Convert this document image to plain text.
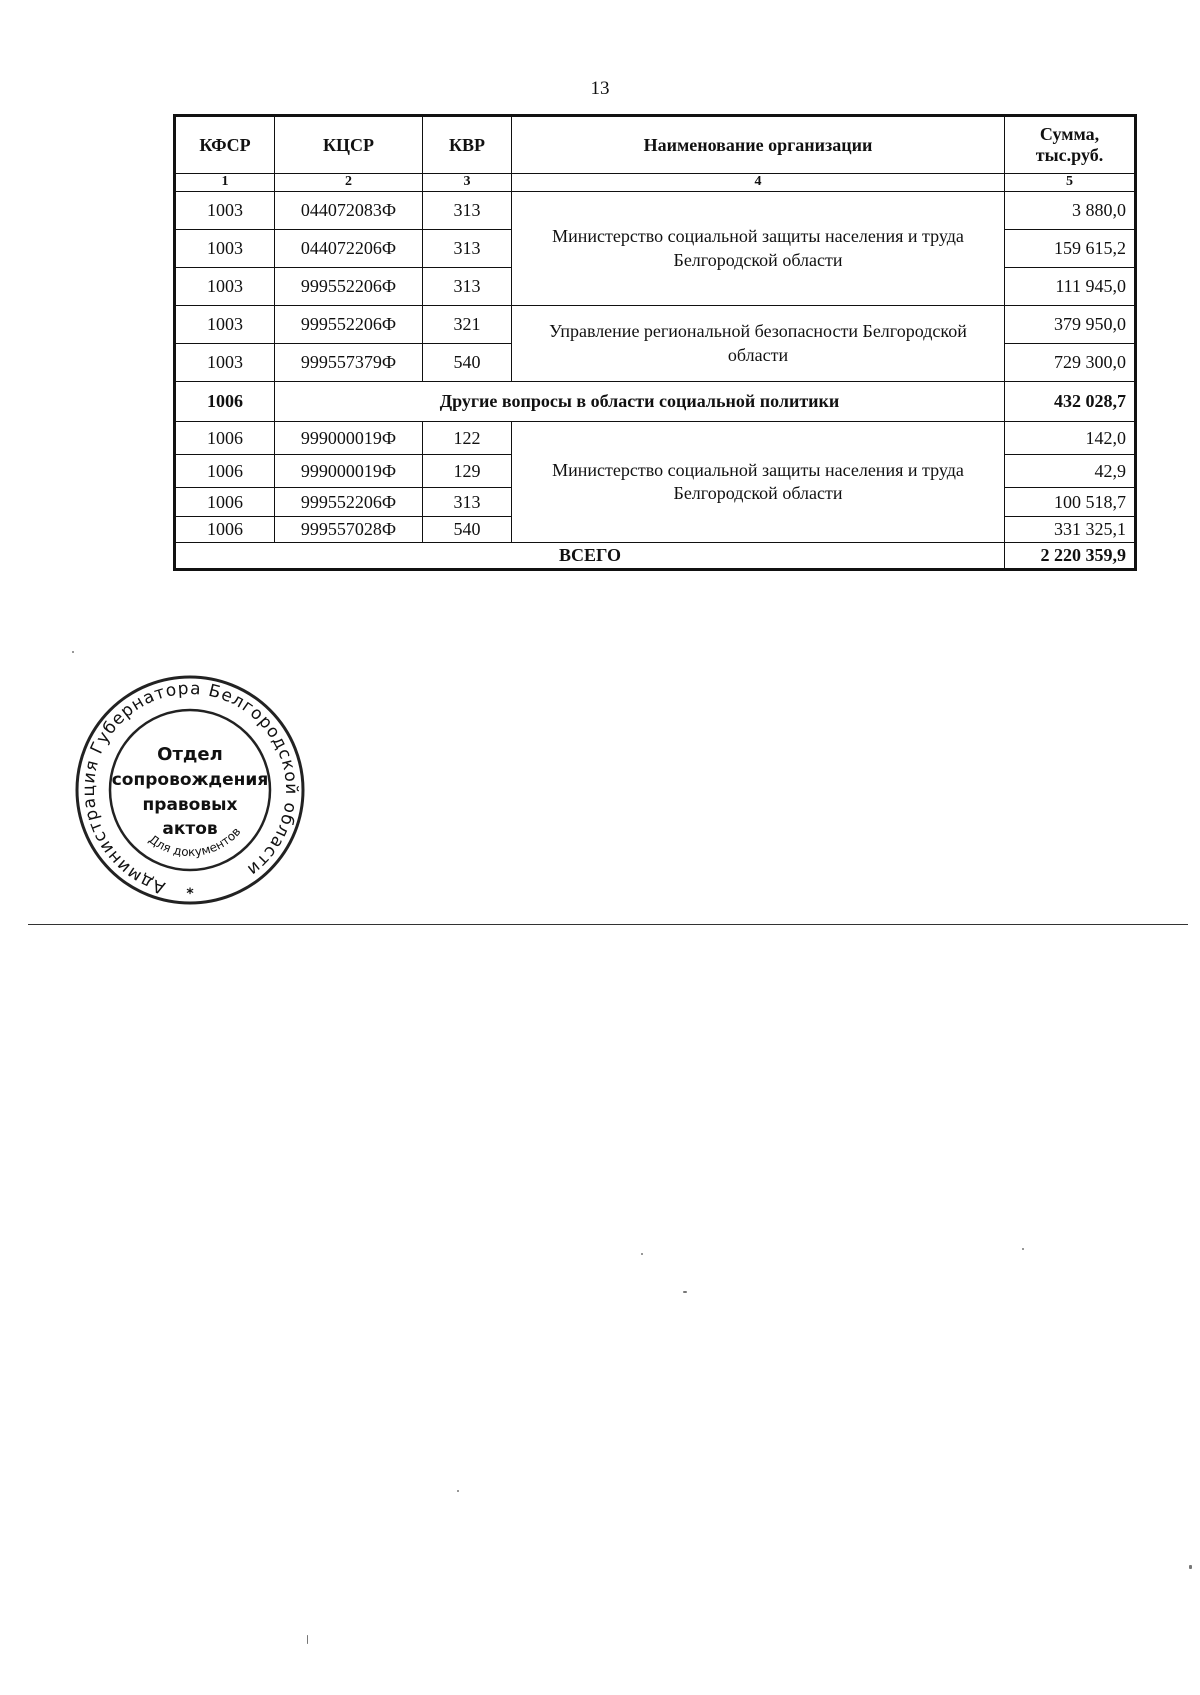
13
КФСР	КЦСР	КВР	Наименование организации	Сумма, тыс.руб.
1	2	3	4	5
1003	044072083Ф	313	Министерство социальной защиты населения и труда Белгородской области	3 880,0
1003	044072206Ф	313		159 615,2
1003	999552206Ф	313		111 945,0
1003	999552206Ф	321	Управление региональной безопасности Белгородской области	379 950,0
1003	999557379Ф	540		729 300,0
1006	Другие вопросы в области социальной политики			432 028,7
1006	999000019Ф	122	Министерство социальной защиты населения и труда Белгородской области	142,0
1006	999000019Ф	129		42,9
1006	999552206Ф	313		100 518,7
1006	999557028Ф	540		331 325,1
ВСЕГО				2 220 359,9
Администрация Губернатора Белгородской области
Для документов
*
Отдел
сопровождения
правовых
актов
